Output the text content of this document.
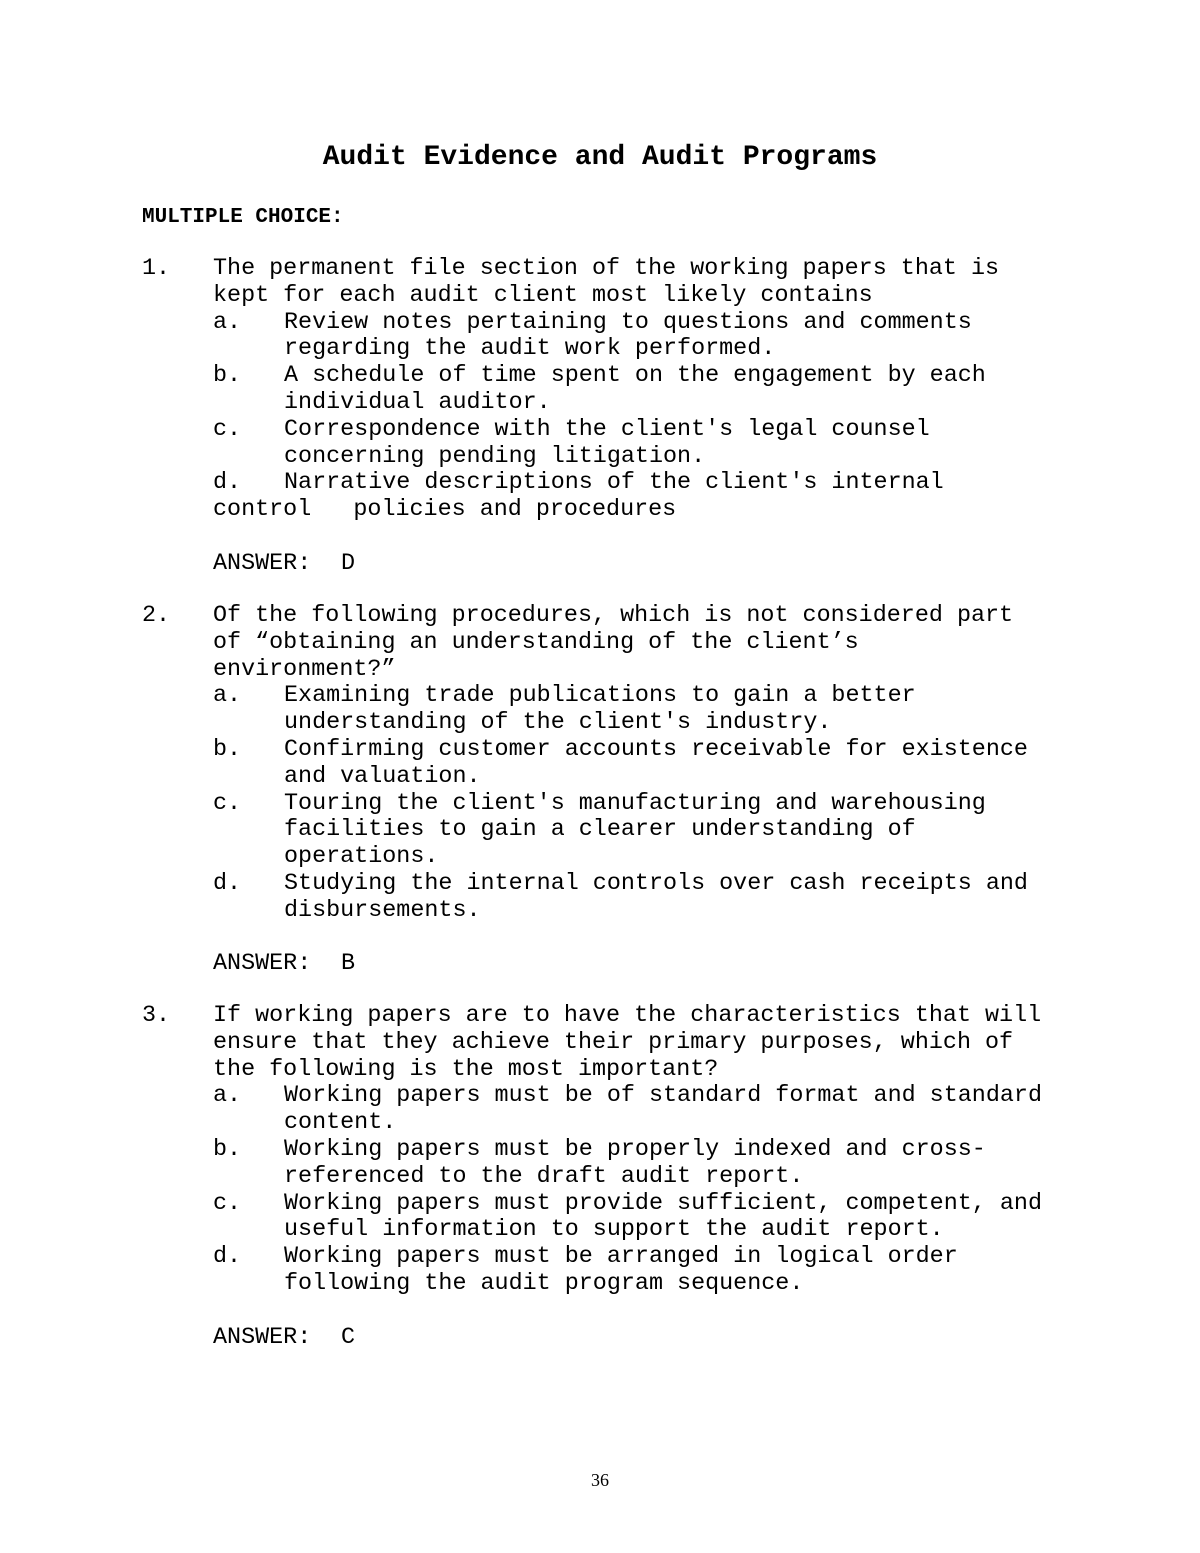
Audit Evidence and Audit Programs
MULTIPLE CHOICE:

1.

The permanent file section of the working papers that is

kept for each audit client most likely contains

a.

Review notes pertaining to questions and comments

regarding the audit work performed.

b.

A schedule of time spent on the engagement by each

individual auditor.

c.

Correspondence with the client's legal counsel

concerning pending litigation.

d.

Narrative descriptions of the client's internal

control   policies and procedures

ANSWER:

D

2.

Of the following procedures, which is not considered part

of “obtaining an understanding of the client’s

environment?”

a.

Examining trade publications to gain a better

understanding of the client's industry.

b.

Confirming customer accounts receivable for existence

and valuation.

c.

Touring the client's manufacturing and warehousing

facilities to gain a clearer understanding of

operations.

d.

Studying the internal controls over cash receipts and

disbursements.

ANSWER:

B

3.

If working papers are to have the characteristics that will

ensure that they achieve their primary purposes, which of

the following is the most important?

a.

Working papers must be of standard format and standard

content.

b.

Working papers must be properly indexed and cross-

referenced to the draft audit report.

c.

Working papers must provide sufficient, competent, and

useful information to support the audit report.

d.

Working papers must be arranged in logical order

following the audit program sequence.

ANSWER:

C

36
